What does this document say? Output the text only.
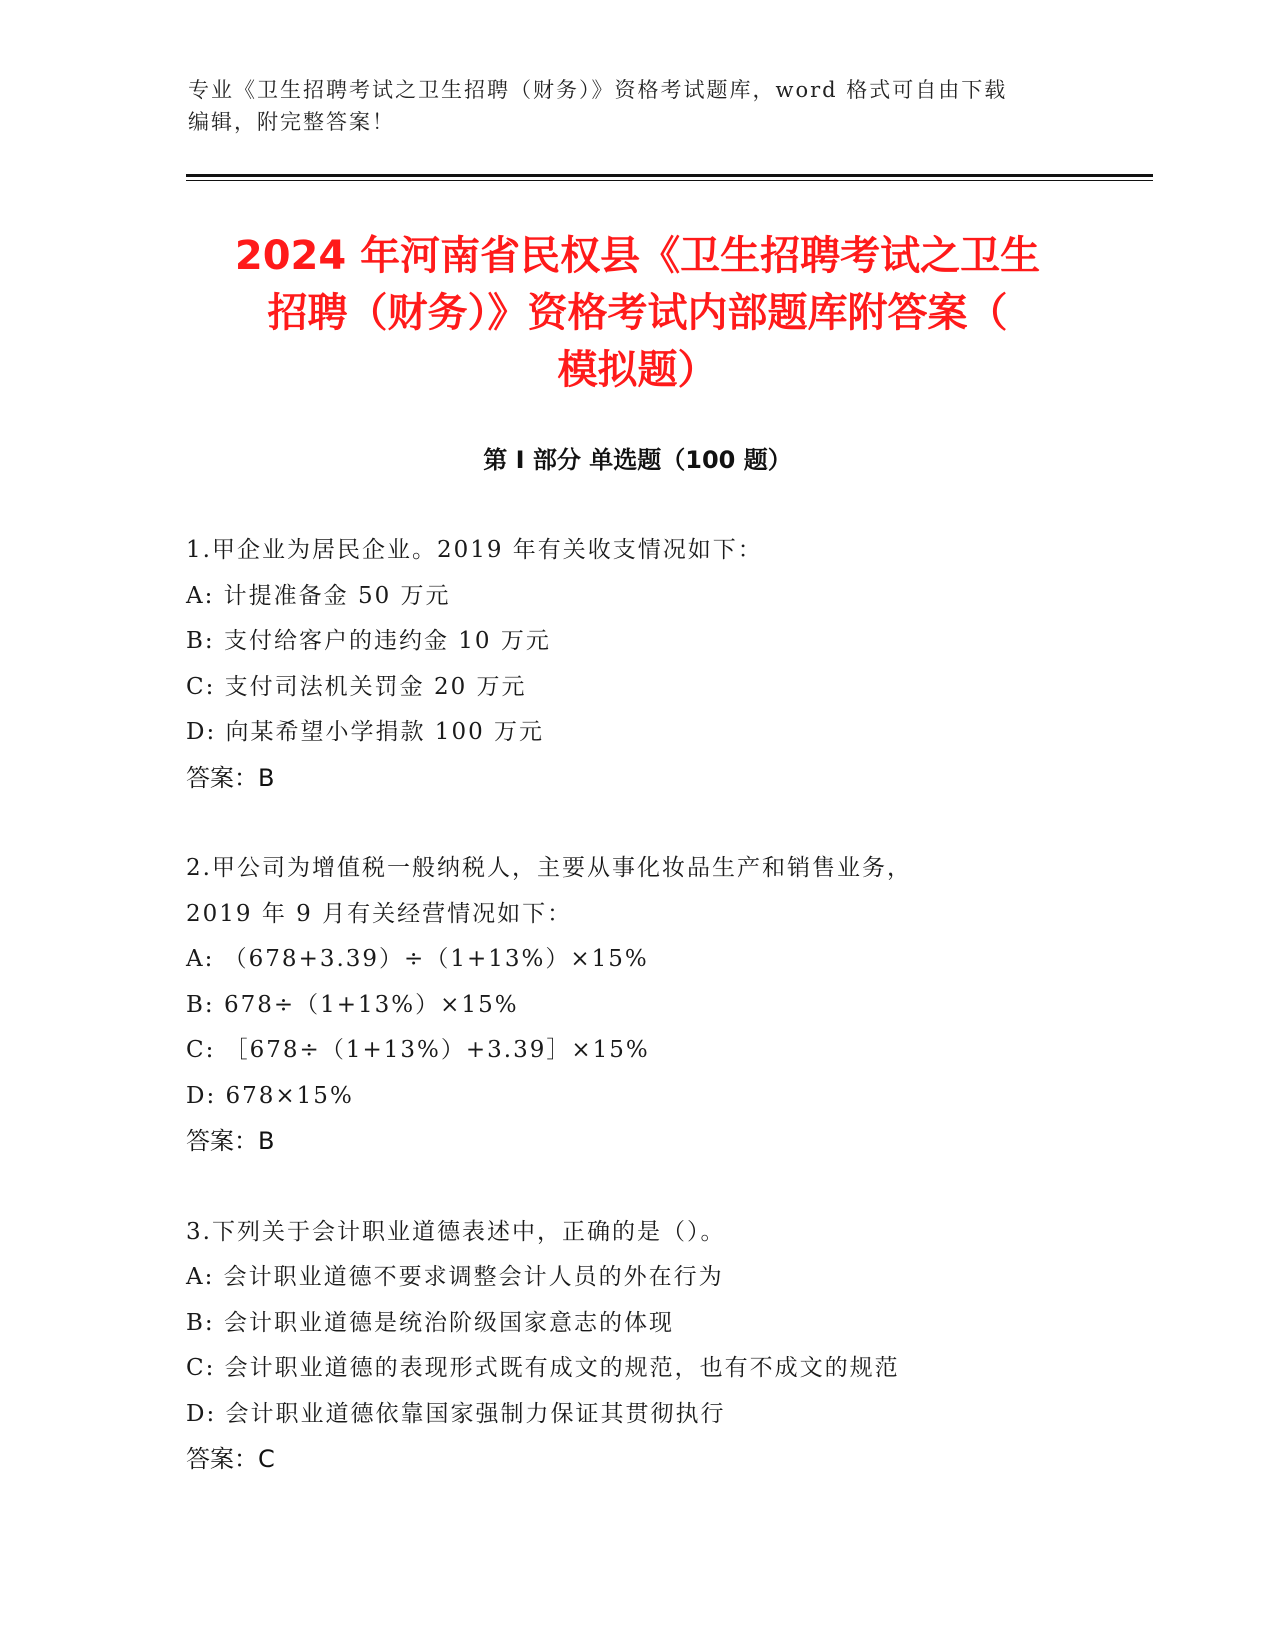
专业《卫生招聘考试之卫生招聘（财务）》资格考试题库，word 格式可自由下载
编辑，附完整答案！
2024 年河南省民权县《卫生招聘考试之卫生
招聘（财务）》资格考试内部题库附答案（
模拟题）
第 I 部分 单选题（100 题）
1.甲企业为居民企业。2019 年有关收支情况如下：
A: 计提准备金 50 万元
B: 支付给客户的违约金 10 万元
C: 支付司法机关罚金 20 万元
D: 向某希望小学捐款 100 万元
答案：B
2.甲公司为增值税一般纳税人，主要从事化妆品生产和销售业务，
2019 年 9 月有关经营情况如下：
A: （678+3.39）÷（1+13%）×15%
B: 678÷（1+13%）×15%
C: ［678÷（1+13%）+3.39］×15%
D: 678×15%
答案：B
3.下列关于会计职业道德表述中，正确的是（）。
A: 会计职业道德不要求调整会计人员的外在行为
B: 会计职业道德是统治阶级国家意志的体现
C: 会计职业道德的表现形式既有成文的规范，也有不成文的规范
D: 会计职业道德依靠国家强制力保证其贯彻执行
答案：C
